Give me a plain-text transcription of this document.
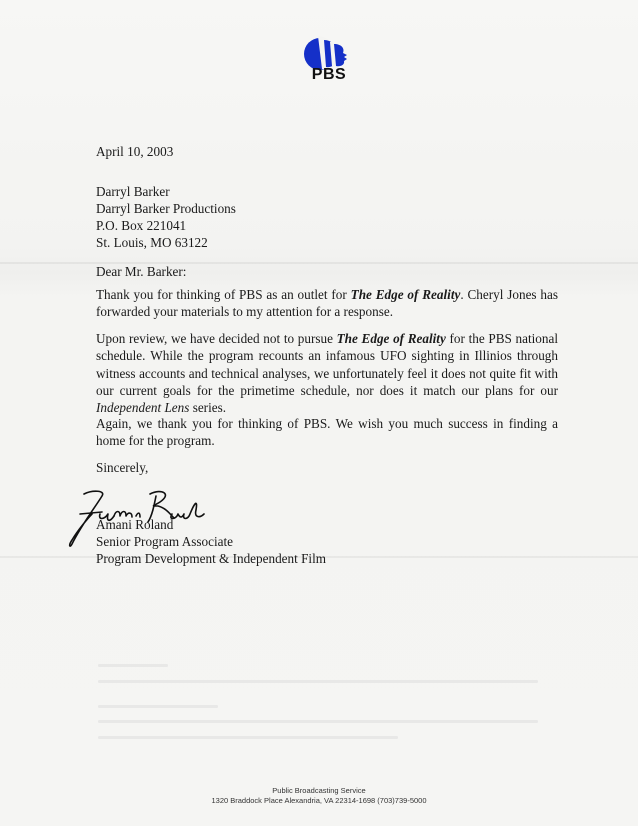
PBS
April 10, 2003
Darryl Barker
Darryl Barker Productions
P.O. Box 221041
St. Louis, MO 63122
Dear Mr. Barker:
Thank you for thinking of PBS as an outlet for The Edge of Reality. Cheryl Jones has forwarded your materials to my attention for a response.
Upon review, we have decided not to pursue The Edge of Reality for the PBS national schedule. While the program recounts an infamous UFO sighting in Illinios through witness accounts and technical analyses, we unfortunately feel it does not quite fit with our current goals for the primetime schedule, nor does it match our plans for our Independent Lens series.
Again, we thank you for thinking of PBS. We wish you much success in finding a home for the program.
Sincerely,
Amani Roland
Senior Program Associate
Program Development & Independent Film
Public Broadcasting Service
1320 Braddock Place Alexandria, VA 22314-1698 (703)739-5000
